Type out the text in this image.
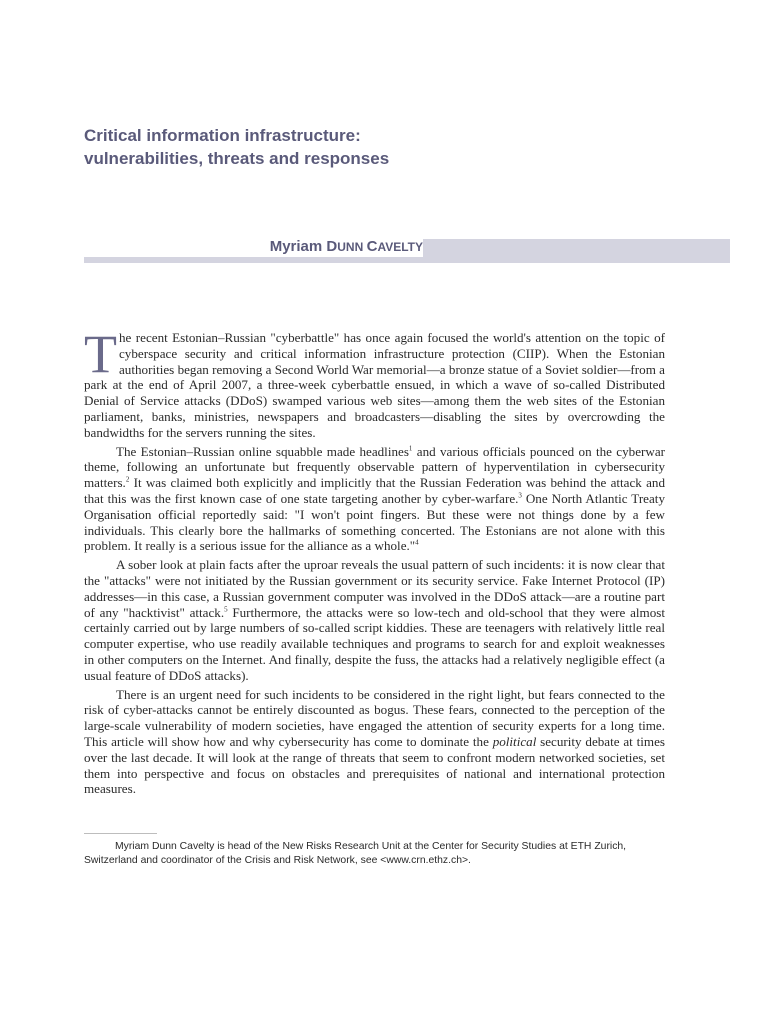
Critical information infrastructure:
vulnerabilities, threats and responses
Myriam DUNN CAVELTY

The recent Estonian–Russian "cyberbattle" has once again focused the world's attention on the topic of cyberspace security and critical information infrastructure protection (CIIP). When the Estonian authorities began removing a Second World War memorial—a bronze statue of a Soviet soldier—from a park at the end of April 2007, a three-week cyberbattle ensued, in which a wave of so-called Distributed Denial of Service attacks (DDoS) swamped various web sites—among them the web sites of the Estonian parliament, banks, ministries, newspapers and broadcasters—disabling the sites by overcrowding the bandwidths for the servers running the sites.

The Estonian–Russian online squabble made headlines$^1$ and various officials pounced on the cyberwar theme, following an unfortunate but frequently observable pattern of hyperventilation in cybersecurity matters.$^2$ It was claimed both explicitly and implicitly that the Russian Federation was behind the attack and that this was the first known case of one state targeting another by cyber-warfare.$^3$ One North Atlantic Treaty Organisation official reportedly said: "I won't point fingers. But these were not things done by a few individuals. This clearly bore the hallmarks of something concerted. The Estonians are not alone with this problem. It really is a serious issue for the alliance as a whole."$^4$

A sober look at plain facts after the uproar reveals the usual pattern of such incidents: it is now clear that the "attacks" were not initiated by the Russian government or its security service. Fake Internet Protocol (IP) addresses—in this case, a Russian government computer was involved in the DDoS attack—are a routine part of any "hacktivist" attack.$^5$ Furthermore, the attacks were so low-tech and old-school that they were almost certainly carried out by large numbers of so-called script kiddies. These are teenagers with relatively little real computer expertise, who use readily available techniques and programs to search for and exploit weaknesses in other computers on the Internet. And finally, despite the fuss, the attacks had a relatively negligible effect (a usual feature of DDoS attacks).

There is an urgent need for such incidents to be considered in the right light, but fears connected to the risk of cyber-attacks cannot be entirely discounted as bogus. These fears, connected to the perception of the large-scale vulnerability of modern societies, have engaged the attention of security experts for a long time. This article will show how and why cybersecurity has come to dominate the political security debate at times over the last decade. It will look at the range of threats that seem to confront modern networked societies, set them into perspective and focus on obstacles and prerequisites of national and international protection measures.

Myriam Dunn Cavelty is head of the New Risks Research Unit at the Center for Security Studies at ETH Zurich,
Switzerland and coordinator of the Crisis and Risk Network, see <www.crn.ethz.ch>.
